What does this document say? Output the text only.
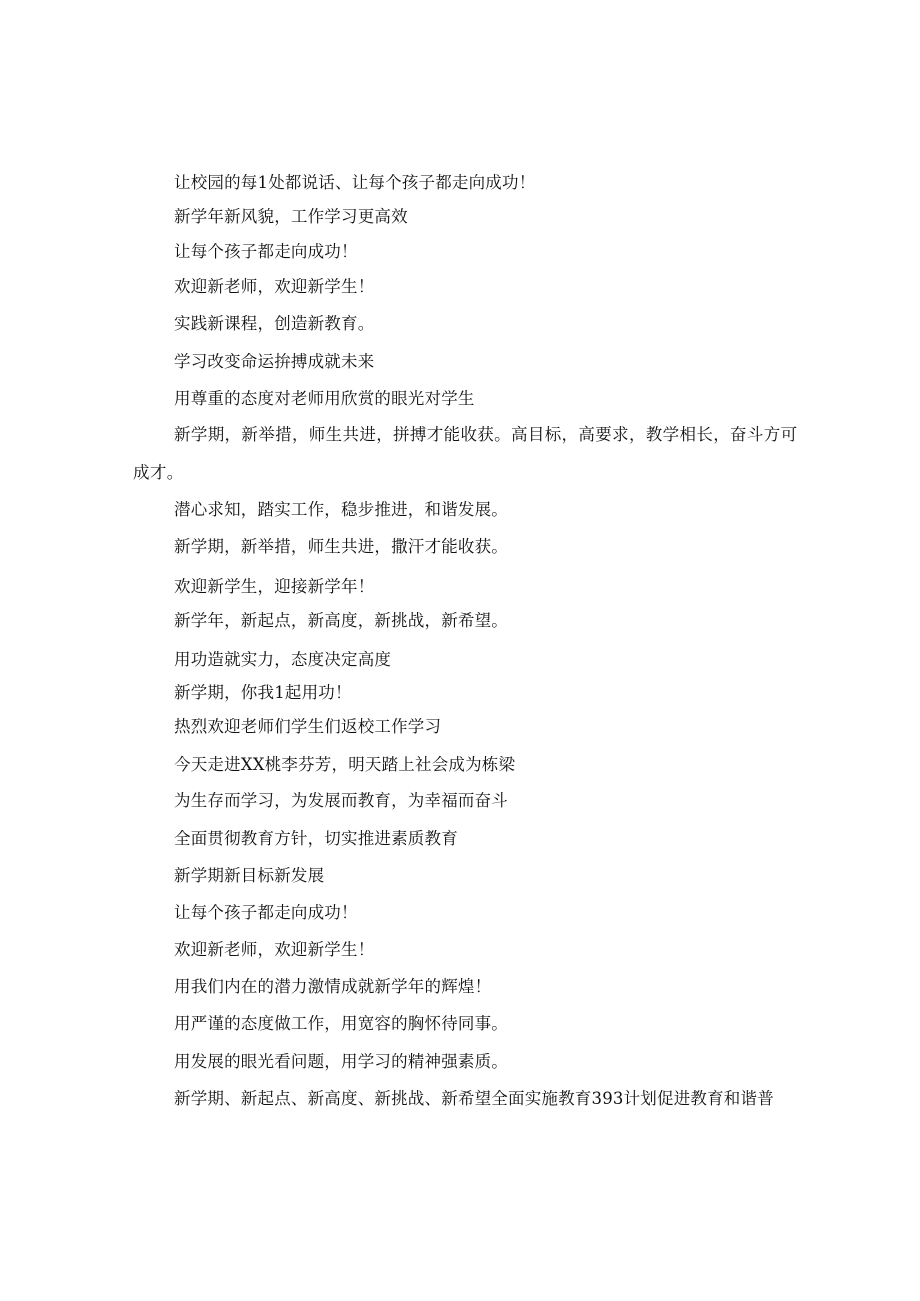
让校园的每1处都说话、让每个孩子都走向成功！
新学年新风貌，工作学习更高效
让每个孩子都走向成功！
欢迎新老师，欢迎新学生！
实践新课程，创造新教育。
学习改变命运拚搏成就未来
用尊重的态度对老师用欣赏的眼光对学生
新学期，新举措，师生共进，拼搏才能收获。高目标，高要求，教学相长，奋斗方可成才。
潜心求知，踏实工作，稳步推进，和谐发展。
新学期，新举措，师生共进，撒汗才能收获。
欢迎新学生，迎接新学年！
新学年，新起点，新高度，新挑战，新希望。
用功造就实力，态度决定高度
新学期，你我1起用功！
热烈欢迎老师们学生们返校工作学习
今天走进XX桃李芬芳，明天踏上社会成为栋梁
为生存而学习，为发展而教育，为幸福而奋斗
全面贯彻教育方针，切实推进素质教育
新学期新目标新发展
让每个孩子都走向成功！
欢迎新老师，欢迎新学生！
用我们内在的潜力激情成就新学年的辉煌！
用严谨的态度做工作，用宽容的胸怀待同事。
用发展的眼光看问题，用学习的精神强素质。
新学期、新起点、新高度、新挑战、新希望全面实施教育393计划促进教育和谐普
